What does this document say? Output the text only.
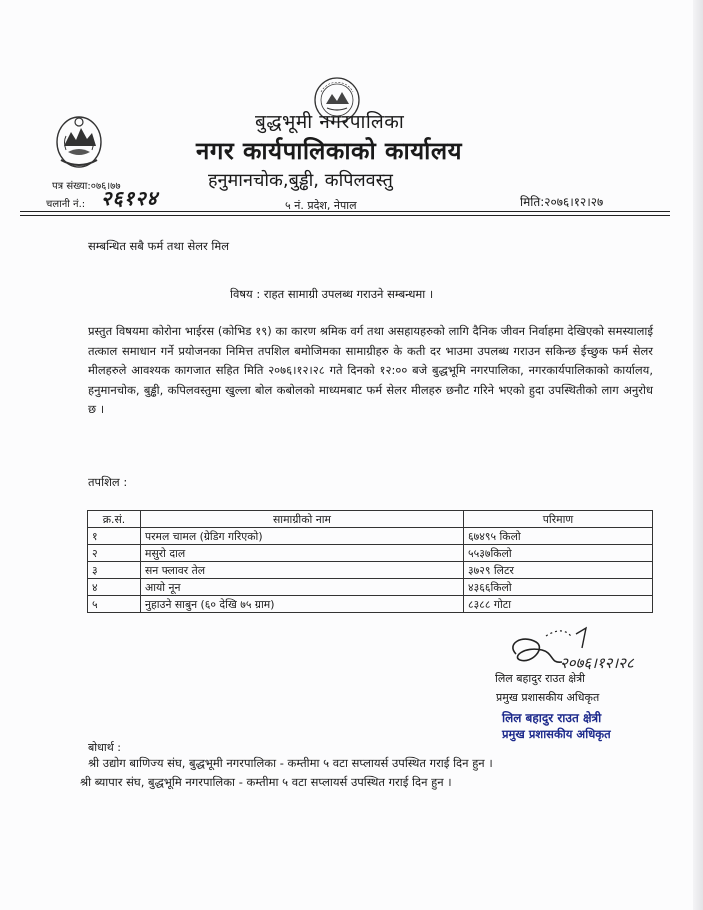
बुद्धभूमी नगरपालिका
नगर कार्यपालिकाको कार्यालय
हनुमानचोक,बुड्ढी, कपिलवस्तु
पत्र संख्या:०७६।७७
चलानी नं.: २६१२४	५ नं. प्रदेश, नेपाल	मिति:२०७६।१२।२७
सम्बन्धित सबै फर्म तथा सेलर मिल
विषय : राहत सामाग्री उपलब्ध गराउने सम्बन्धमा ।
प्रस्तुत विषयमा कोरोना भाईरस (कोभिड १९) का कारण श्रमिक वर्ग तथा असहायहरुको लागि दैनिक जीवन निर्वाहमा देखिएको समस्यालाई तत्काल समाधान गर्ने प्रयोजनका निमित्त तपशिल बमोजिमका सामाग्रीहरु के कती दर भाउमा उपलब्ध गराउन सकिन्छ ईच्छुक फर्म सेलर मीलहरुले आवश्यक कागजात सहित मिति २०७६।१२।२८ गते दिनको १२:०० बजे बुद्धभूमि नगरपालिका, नगरकार्यपालिकाको कार्यालय, हनुमानचोक, बुड्ढी, कपिलवस्तुमा खुल्ला बोल कबोलको माध्यमबाट फर्म सेलर मीलहरु छनौट गरिने भएको हुदा उपस्थितीको लाग अनुरोध छ ।
तपशिल :
क्र.सं.	सामाग्रीको नाम	परिमाण
१	परमल चामल (ग्रेडिग गरिएको)	६७४९५ किलो
२	मसुरो दाल	५५३७किलो
३	सन फ्लावर तेल	३७२९ लिटर
४	आयो नून	४३६६किलो
५	नुहाउने साबुन (६० देखि ७५ ग्राम)	८३८८ गोटा
२०७६।१२।२८
लिल बहादुर राउत क्षेत्री
प्रमुख प्रशासकीय अधिकृत
लिल बहादुर राउत क्षेत्री
प्रमुख प्रशासकीय अधिकृत
बोधार्थ :
श्री उद्योग बाणिज्य संघ, बुद्धभूमी नगरपालिका - कम्तीमा ५ वटा सप्लायर्स उपस्थित गराई दिन हुन ।
श्री ब्यापार संघ, बुद्धभूमि नगरपालिका - कम्तीमा ५ वटा सप्लायर्स उपस्थित गराई दिन हुन ।
